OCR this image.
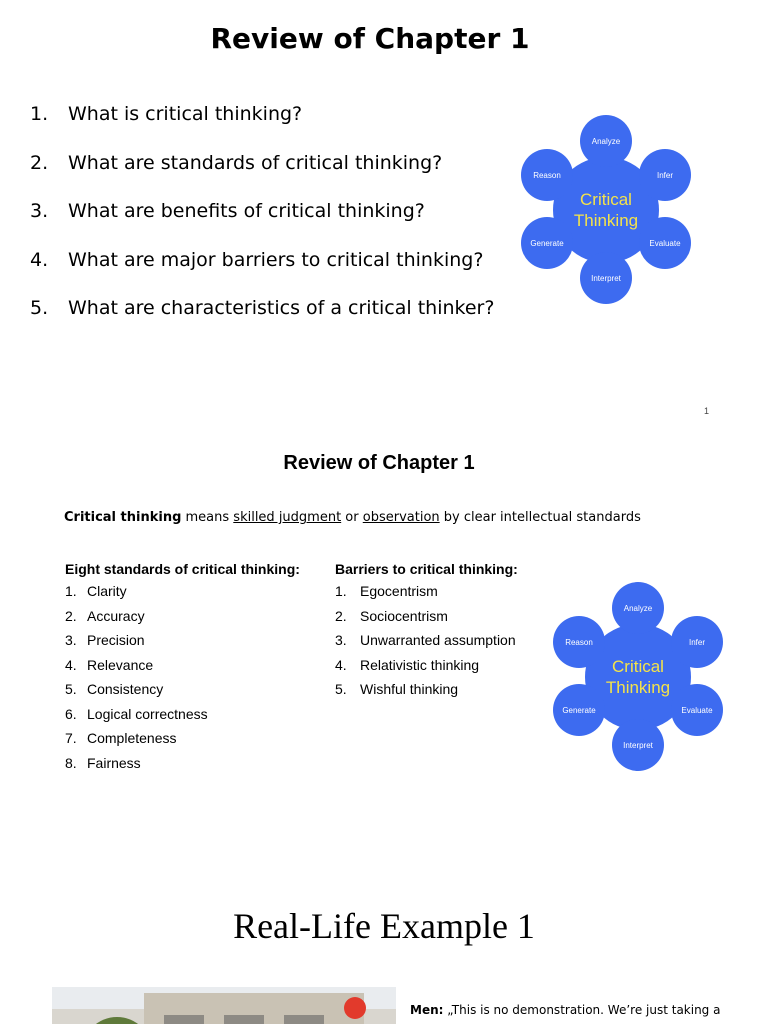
Review of Chapter 1
1.	What is critical thinking?
2.	What are standards of critical thinking?
3.	What are benefits of critical thinking?
4.	What are major barriers to critical thinking?
5.	What are characteristics of a critical thinker?
Critical
Thinking
Analyze
Infer
Evaluate
Interpret
Generate
Reason
1
Review of Chapter 1
Critical thinking means skilled judgment or observation by clear intellectual standards
Eight standards of critical thinking:
1. Clarity
2. Accuracy
3. Precision
4. Relevance
5. Consistency
6. Logical correctness
7. Completeness
8. Fairness
Barriers to critical thinking:
1. Egocentrism
2. Sociocentrism
3. Unwarranted assumption
4. Relativistic thinking
5. Wishful thinking
Critical
Thinking
Analyze
Infer
Evaluate
Interpret
Generate
Reason
Real-Life Example 1
Men: „This is no demonstration. We’re just taking a
